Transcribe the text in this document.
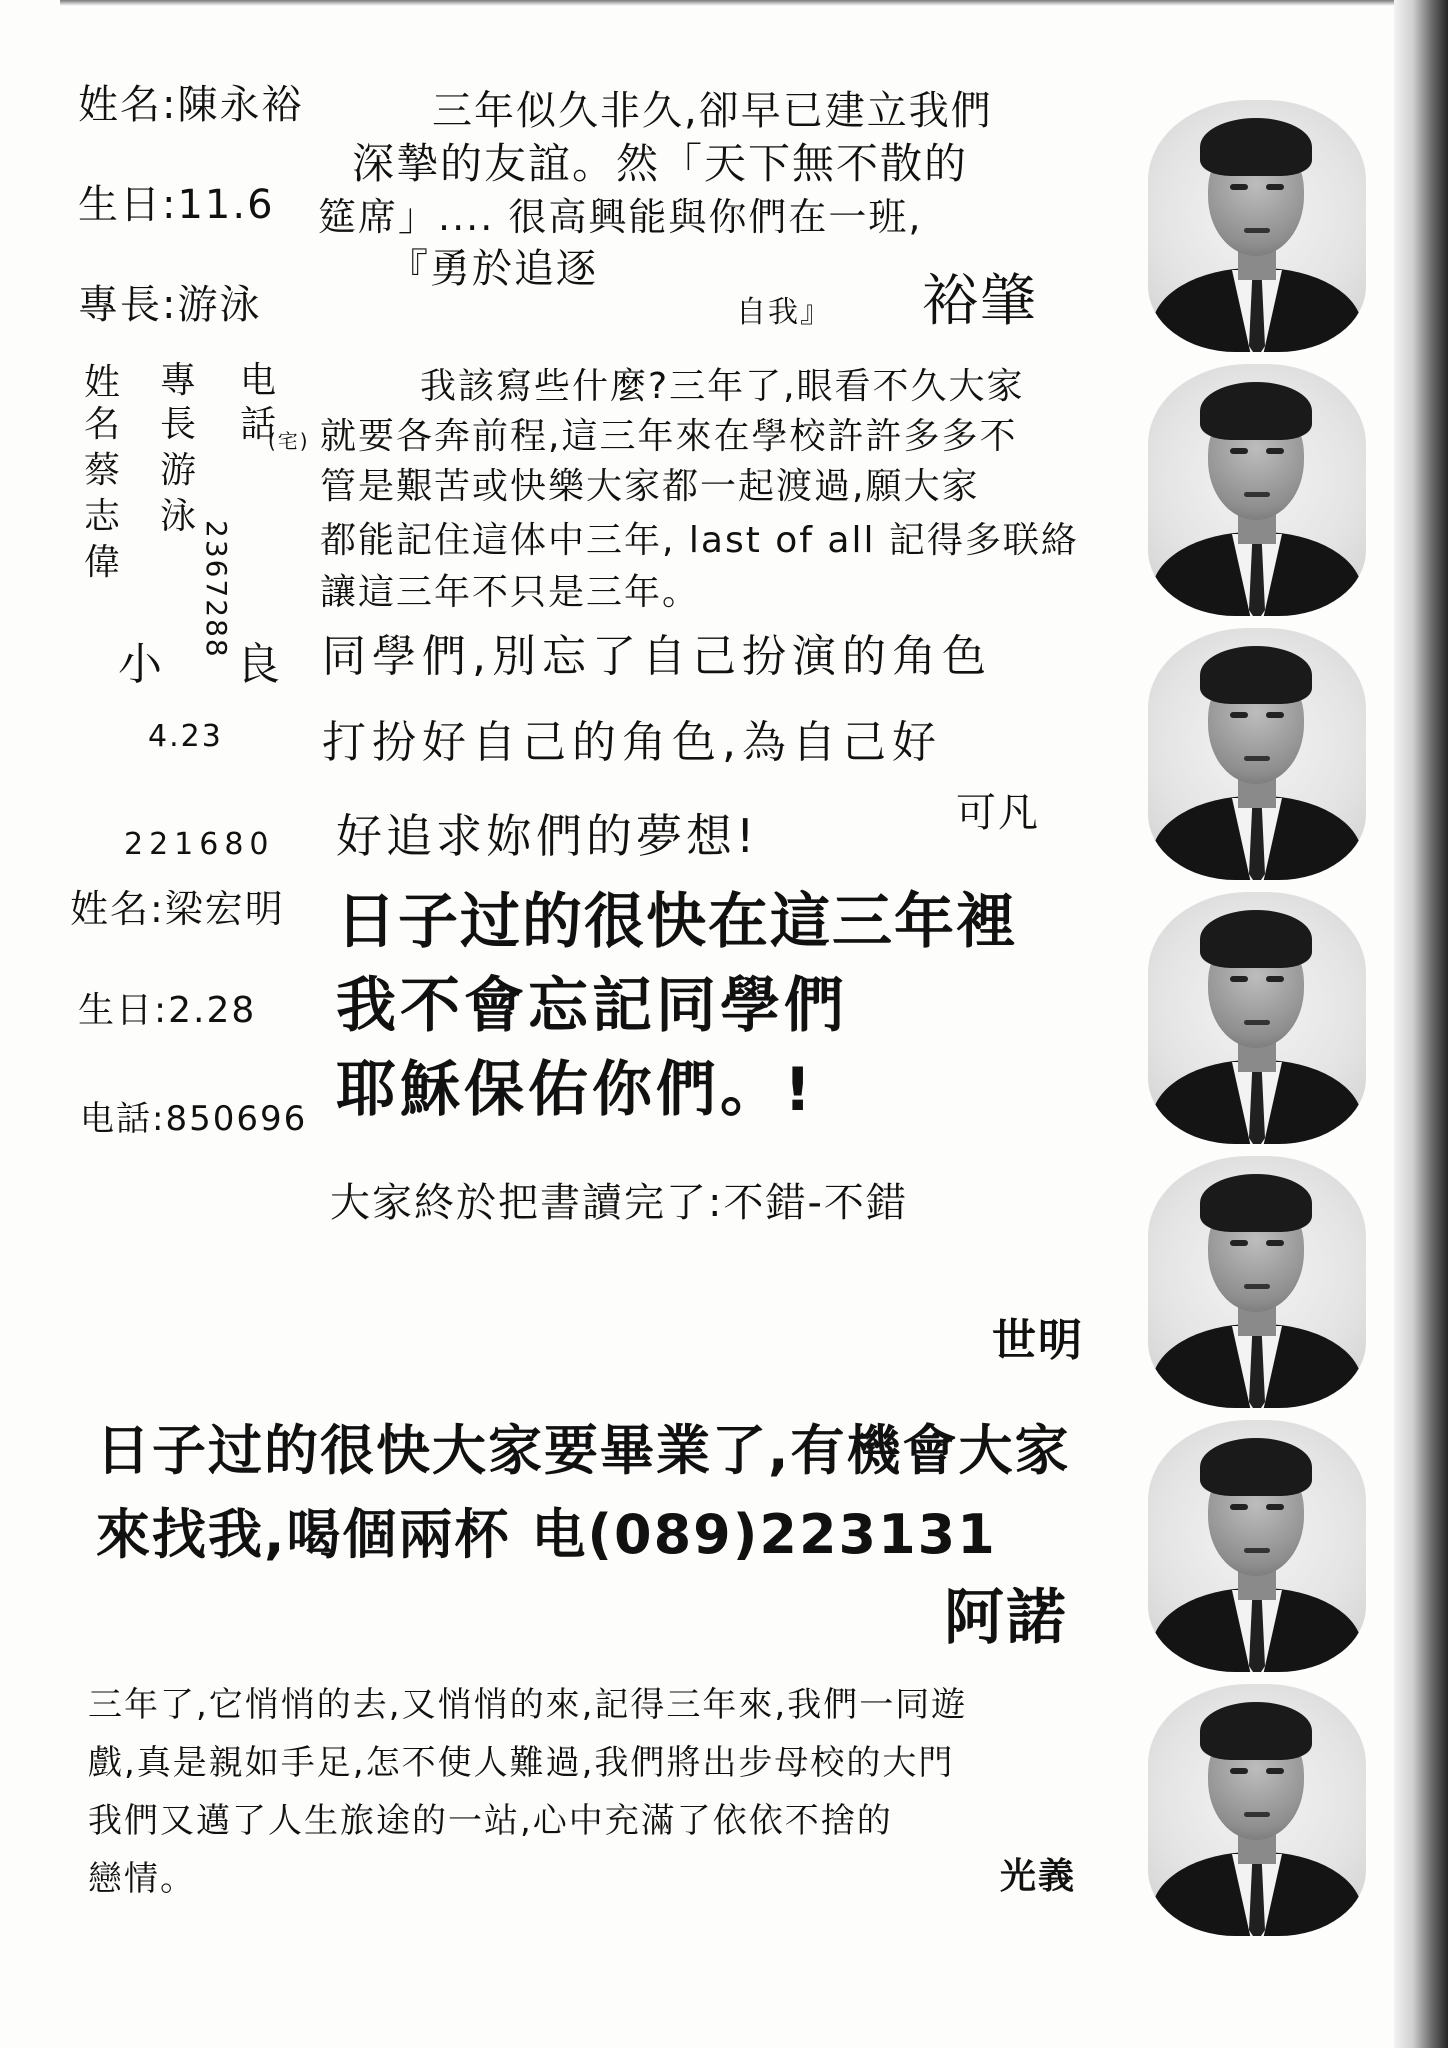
姓名:陳永裕
生日:11.6
專長:游泳
三年似久非久,卻早已建立我們
深摯的友誼。然「天下無不散的
筵席」.... 很高興能與你們在一班,
『勇於追逐
自我』 裕肇
姓
名
蔡
志
偉
專
長
游
泳
电
話
(宅)
2367288
我該寫些什麼?三年了,眼看不久大家
就要各奔前程,這三年來在學校許許多多不
管是艱苦或快樂大家都一起渡過,願大家
都能記住這体中三年, last of all 記得多联絡
讓這三年不只是三年。
小 良
4.23
221680
同學們,別忘了自己扮演的角色
打扮好自己的角色,為自己好
好追求妳們的夢想!	可凡
姓名:梁宏明
生日:2.28
电話:850696
日子过的很快在這三年裡
我不會忘記同學們
耶穌保佑你們。!
大家終於把書讀完了:不錯-不錯
世明
日子过的很快大家要畢業了,有機會大家
來找我,喝個兩杯 电(089)223131
阿諾
三年了,它悄悄的去,又悄悄的來,記得三年來,我們一同遊
戲,真是親如手足,怎不使人難過,我們將出步母校的大門
我們又邁了人生旅途的一站,心中充滿了依依不捨的
戀情。	光義
